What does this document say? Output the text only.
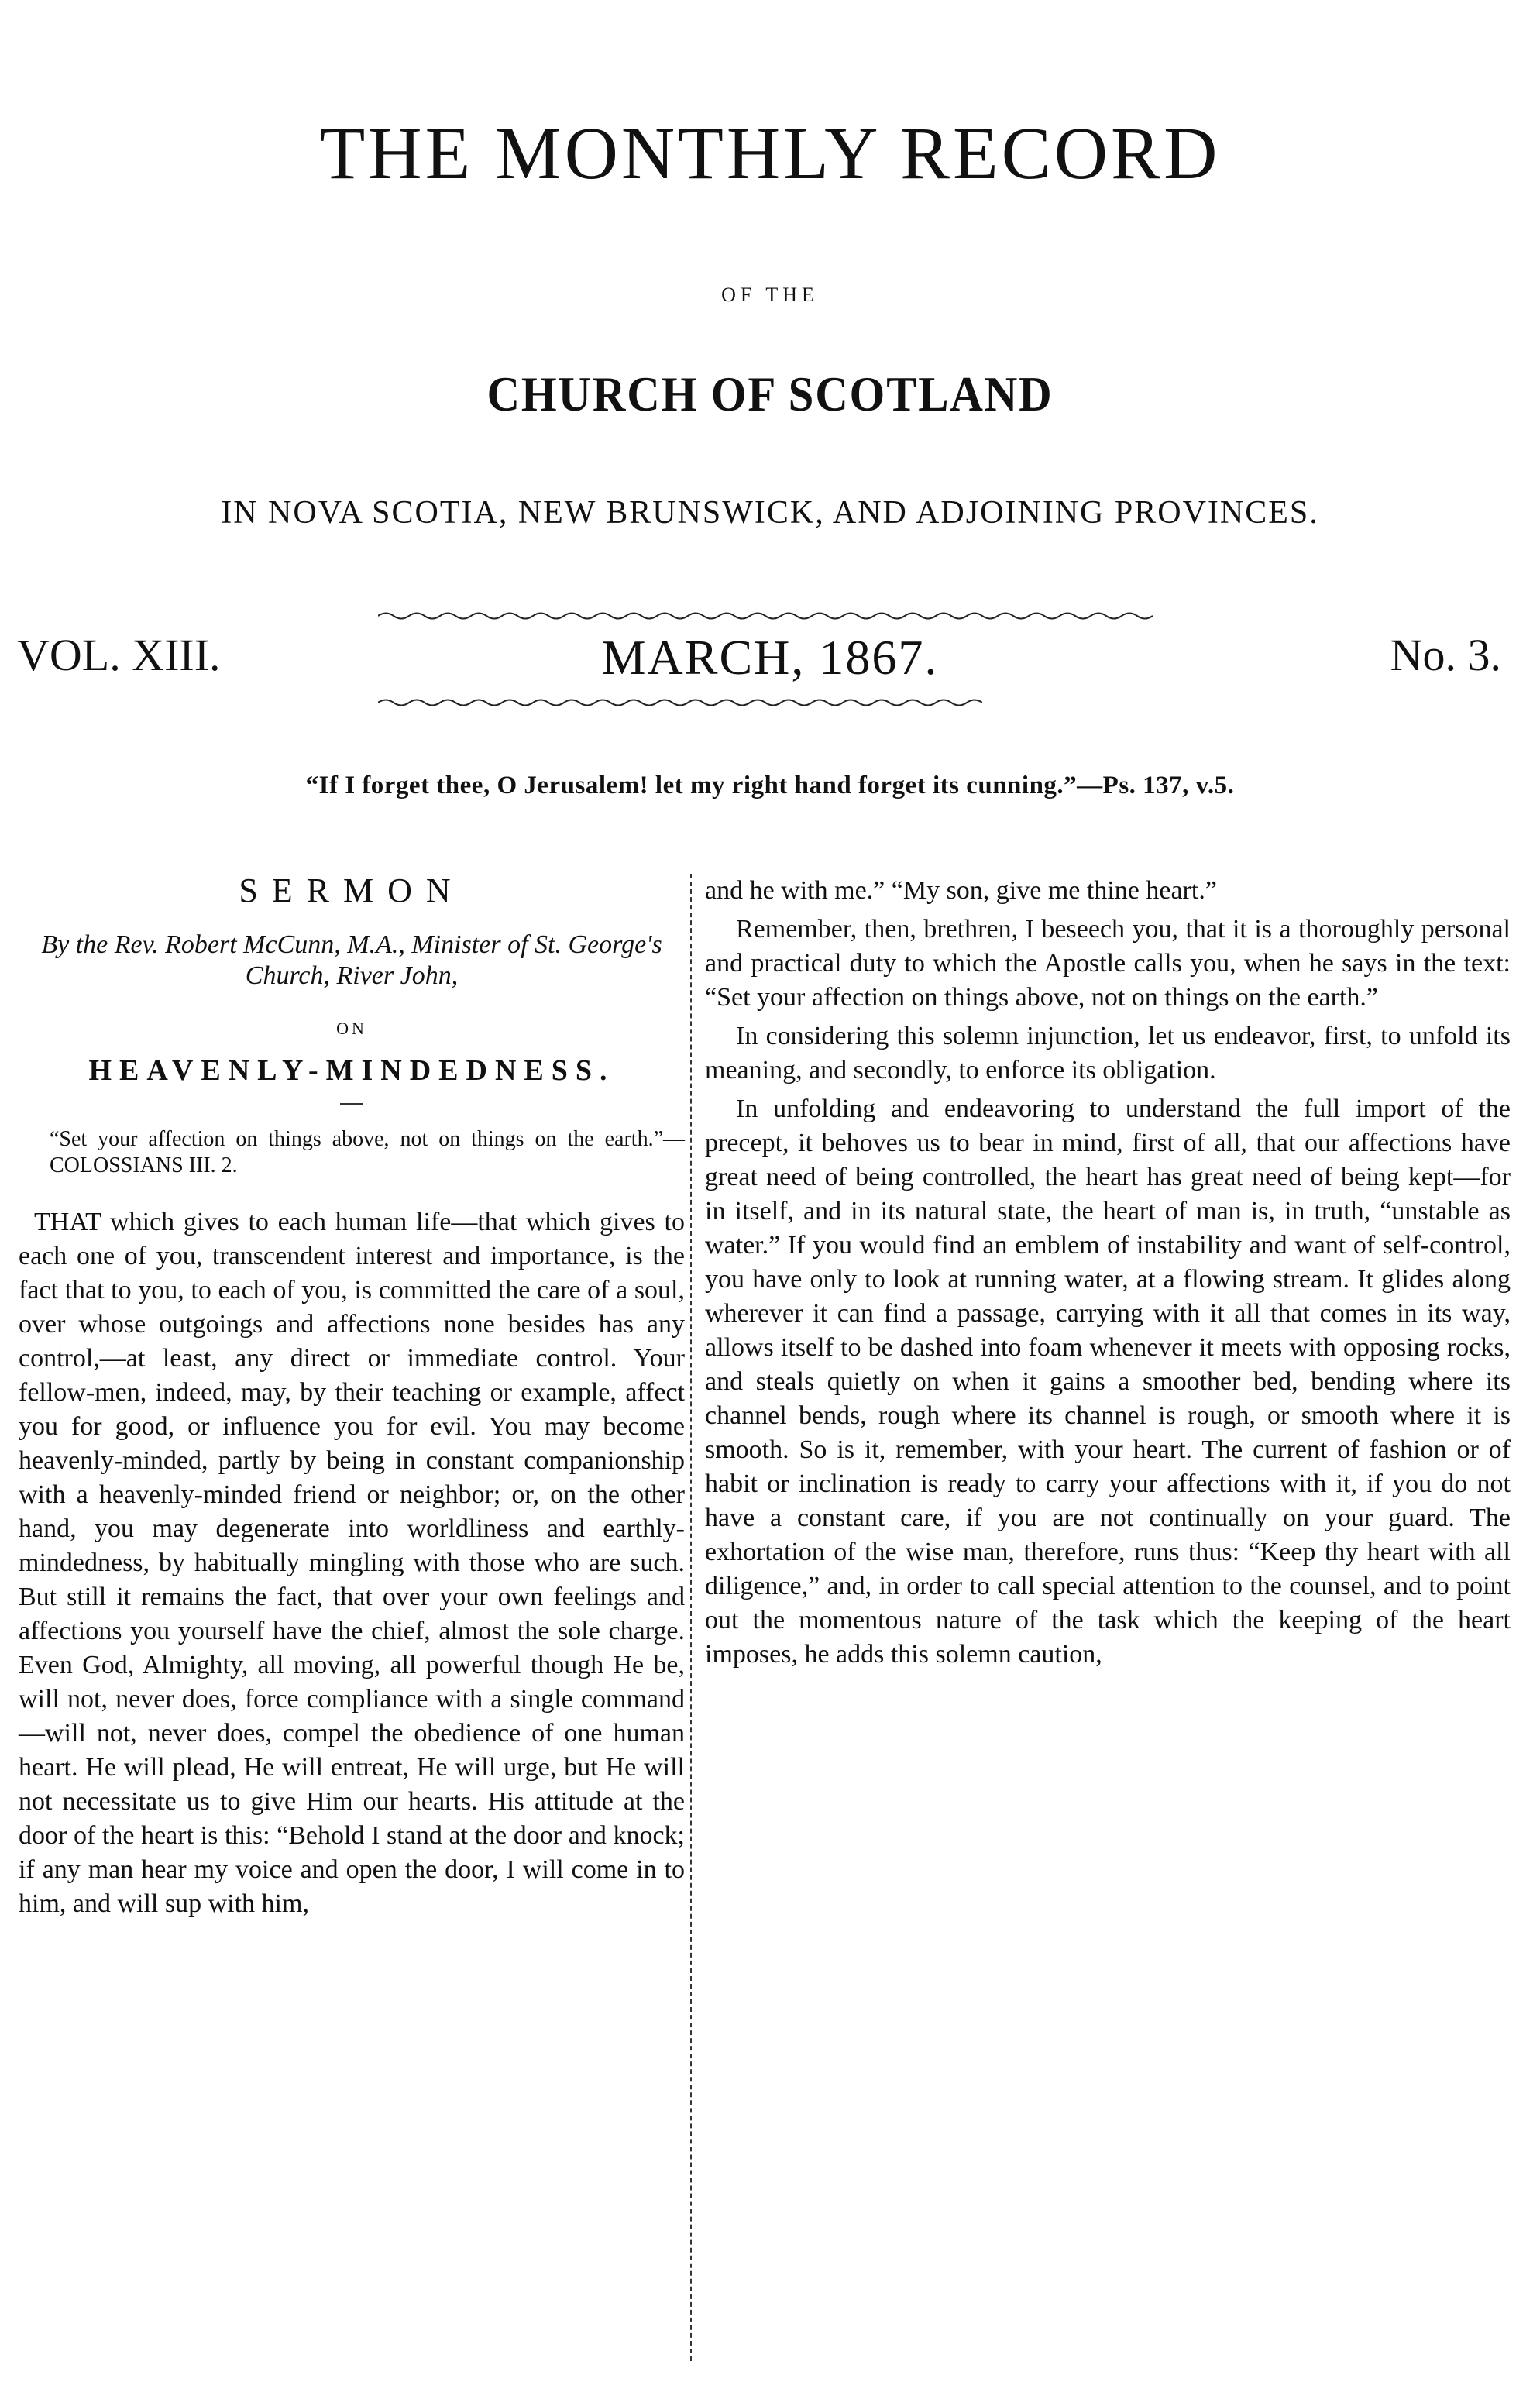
THE MONTHLY RECORD
OF THE
CHURCH OF SCOTLAND
IN NOVA SCOTIA, NEW BRUNSWICK, AND ADJOINING PROVINCES.
VOL. XIII.	MARCH, 1867.	No. 3.
“If I forget thee, O Jerusalem! let my right hand forget its cunning.”—Ps. 137, v.5.

SERMON

By the Rev. Robert McCunn, M.A., Minister of St. George's Church, River John,

ON

HEAVENLY-MINDEDNESS.

“Set your affection on things above, not on things on the earth.”—COLOSSIANS III. 2.

THAT which gives to each human life—that which gives to each one of you, transcendent interest and importance, is the fact that to you, to each of you, is committed the care of a soul, over whose outgoings and affections none besides has any control,—at least, any direct or immediate control. Your fellow-men, indeed, may, by their teaching or example, affect you for good, or influence you for evil. You may become heavenly-minded, partly by being in constant companionship with a heavenly-minded friend or neighbor; or, on the other hand, you may degenerate into worldliness and earthly-mindedness, by habitually mingling with those who are such. But still it remains the fact, that over your own feelings and affections you yourself have the chief, almost the sole charge. Even God, Almighty, all moving, all powerful though He be, will not, never does, force compliance with a single command—will not, never does, compel the obedience of one human heart. He will plead, He will entreat, He will urge, but He will not necessitate us to give Him our hearts. His attitude at the door of the heart is this: “Behold I stand at the door and knock; if any man hear my voice and open the door, I will come in to him, and will sup with him,

and he with me.” “My son, give me thine heart.”

Remember, then, brethren, I beseech you, that it is a thoroughly personal and practical duty to which the Apostle calls you, when he says in the text: “Set your affection on things above, not on things on the earth.”

In considering this solemn injunction, let us endeavor, first, to unfold its meaning, and secondly, to enforce its obligation.

In unfolding and endeavoring to understand the full import of the precept, it behoves us to bear in mind, first of all, that our affections have great need of being controlled, the heart has great need of being kept—for in itself, and in its natural state, the heart of man is, in truth, “unstable as water.” If you would find an emblem of instability and want of self-control, you have only to look at running water, at a flowing stream. It glides along wherever it can find a passage, carrying with it all that comes in its way, allows itself to be dashed into foam whenever it meets with opposing rocks, and steals quietly on when it gains a smoother bed, bending where its channel bends, rough where its channel is rough, or smooth where it is smooth. So is it, remember, with your heart. The current of fashion or of habit or inclination is ready to carry your affections with it, if you do not have a constant care, if you are not continually on your guard. The exhortation of the wise man, therefore, runs thus: “Keep thy heart with all diligence,” and, in order to call special attention to the counsel, and to point out the momentous nature of the task which the keeping of the heart imposes, he adds this solemn caution,
